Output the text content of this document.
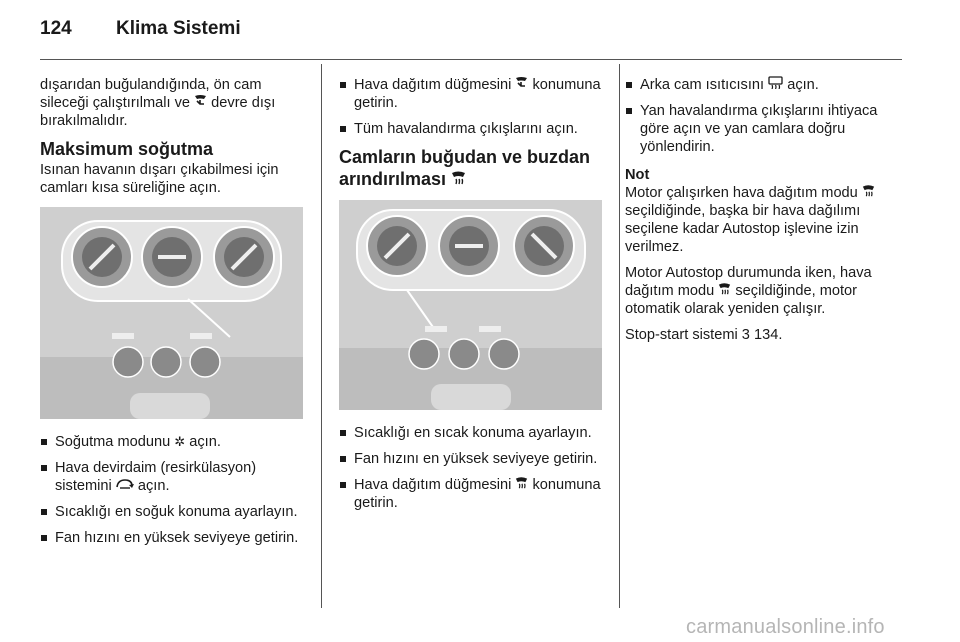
124	Klima Sistemi

dışarıdan buğulandığında, ön cam sileceği çalıştırılmalı ve devre dışı bırakılmalıdır.

Maksimum soğutma

Isınan havanın dışarı çıkabilmesi için camları kısa süreliğine açın.

Soğutma modunu ✲ açın.

Hava devirdaim (resirkülasyon) sistemini açın.

Sıcaklığı en soğuk konuma ayarlayın.

Fan hızını en yüksek seviyeye getirin.

Hava dağıtım düğmesini konumuna getirin.

Tüm havalandırma çıkışlarını açın.

Camların buğudan ve buzdan arındırılması

Sıcaklığı en sıcak konuma ayarlayın.

Fan hızını en yüksek seviyeye getirin.

Hava dağıtım düğmesini konumuna getirin.

Arka cam ısıtıcısını açın.

Yan havalandırma çıkışlarını ihtiyaca göre açın ve yan camlara doğru yönlendirin.

Not

Motor çalışırken hava dağıtım modu  seçildiğinde, başka bir hava dağılımı seçilene kadar Autostop işlevine izin verilmez.

Motor Autostop durumunda iken, hava dağıtım modu seçildiğinde, motor otomatik olarak yeniden çalışır.

Stop-start sistemi 3 134.

carmanualsonline.info
